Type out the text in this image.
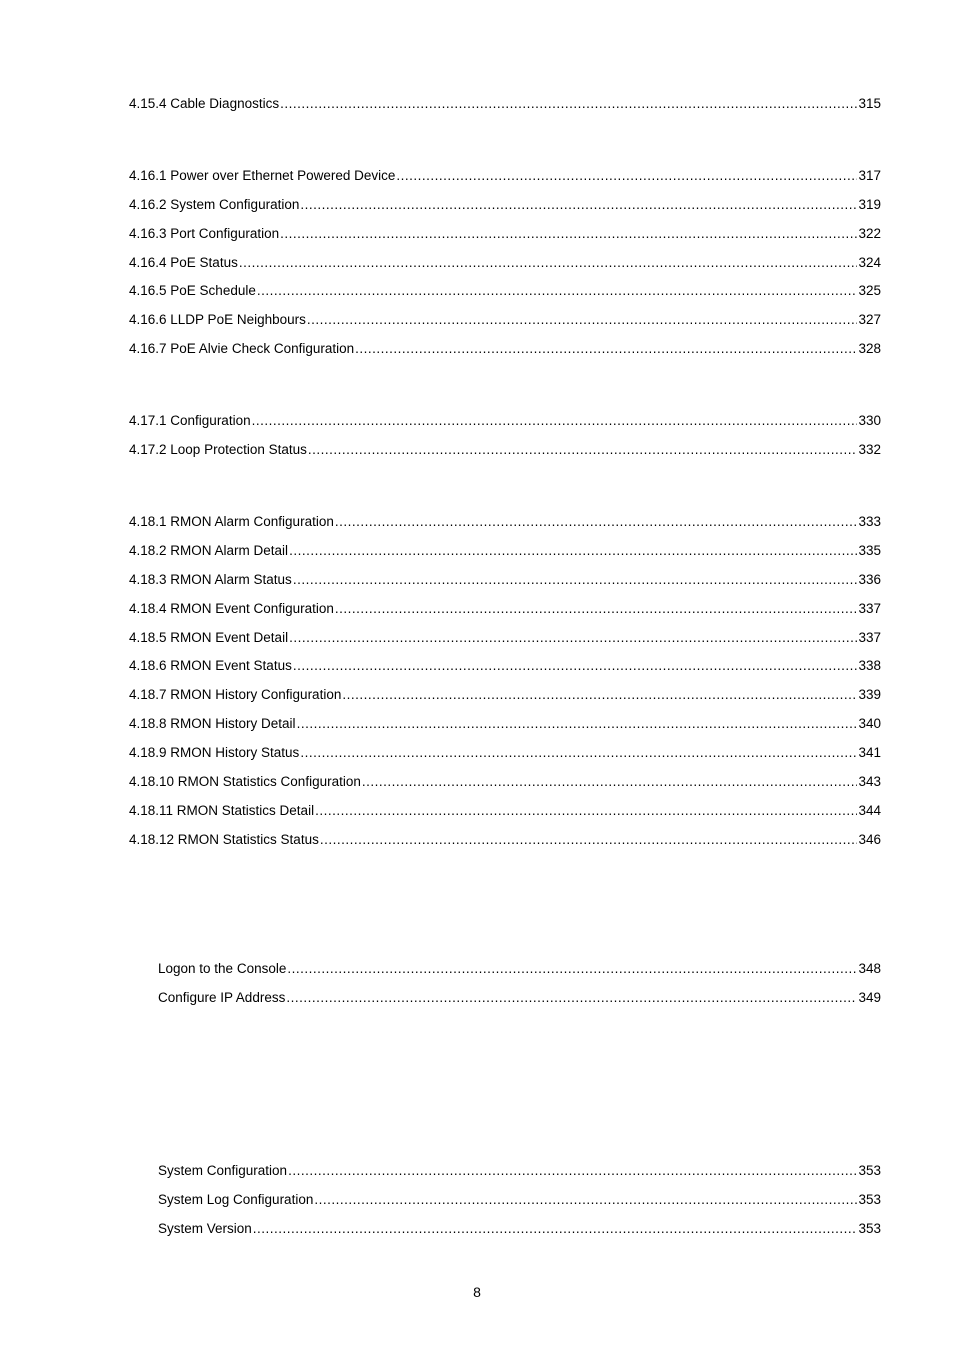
4.15.4 Cable Diagnostics .....	315
4.16.1 Power over Ethernet Powered Device .....	317
4.16.2 System Configuration .....	319
4.16.3 Port Configuration .....	322
4.16.4 PoE Status .....	324
4.16.5 PoE Schedule .....	325
4.16.6 LLDP PoE Neighbours .....	327
4.16.7 PoE Alvie Check Configuration .....	328
4.17.1 Configuration .....	330
4.17.2 Loop Protection Status .....	332
4.18.1 RMON Alarm Configuration .....	333
4.18.2 RMON Alarm Detail .....	335
4.18.3 RMON Alarm Status .....	336
4.18.4 RMON Event Configuration .....	337
4.18.5 RMON Event Detail .....	337
4.18.6 RMON Event Status .....	338
4.18.7 RMON History Configuration .....	339
4.18.8 RMON History Detail .....	340
4.18.9 RMON History Status .....	341
4.18.10 RMON Statistics Configuration .....	343
4.18.11 RMON Statistics Detail .....	344
4.18.12 RMON Statistics Status .....	346
Logon to the Console .....	348
Configure IP Address .....	349
System Configuration .....	353
System Log Configuration .....	353
System Version .....	353
8
